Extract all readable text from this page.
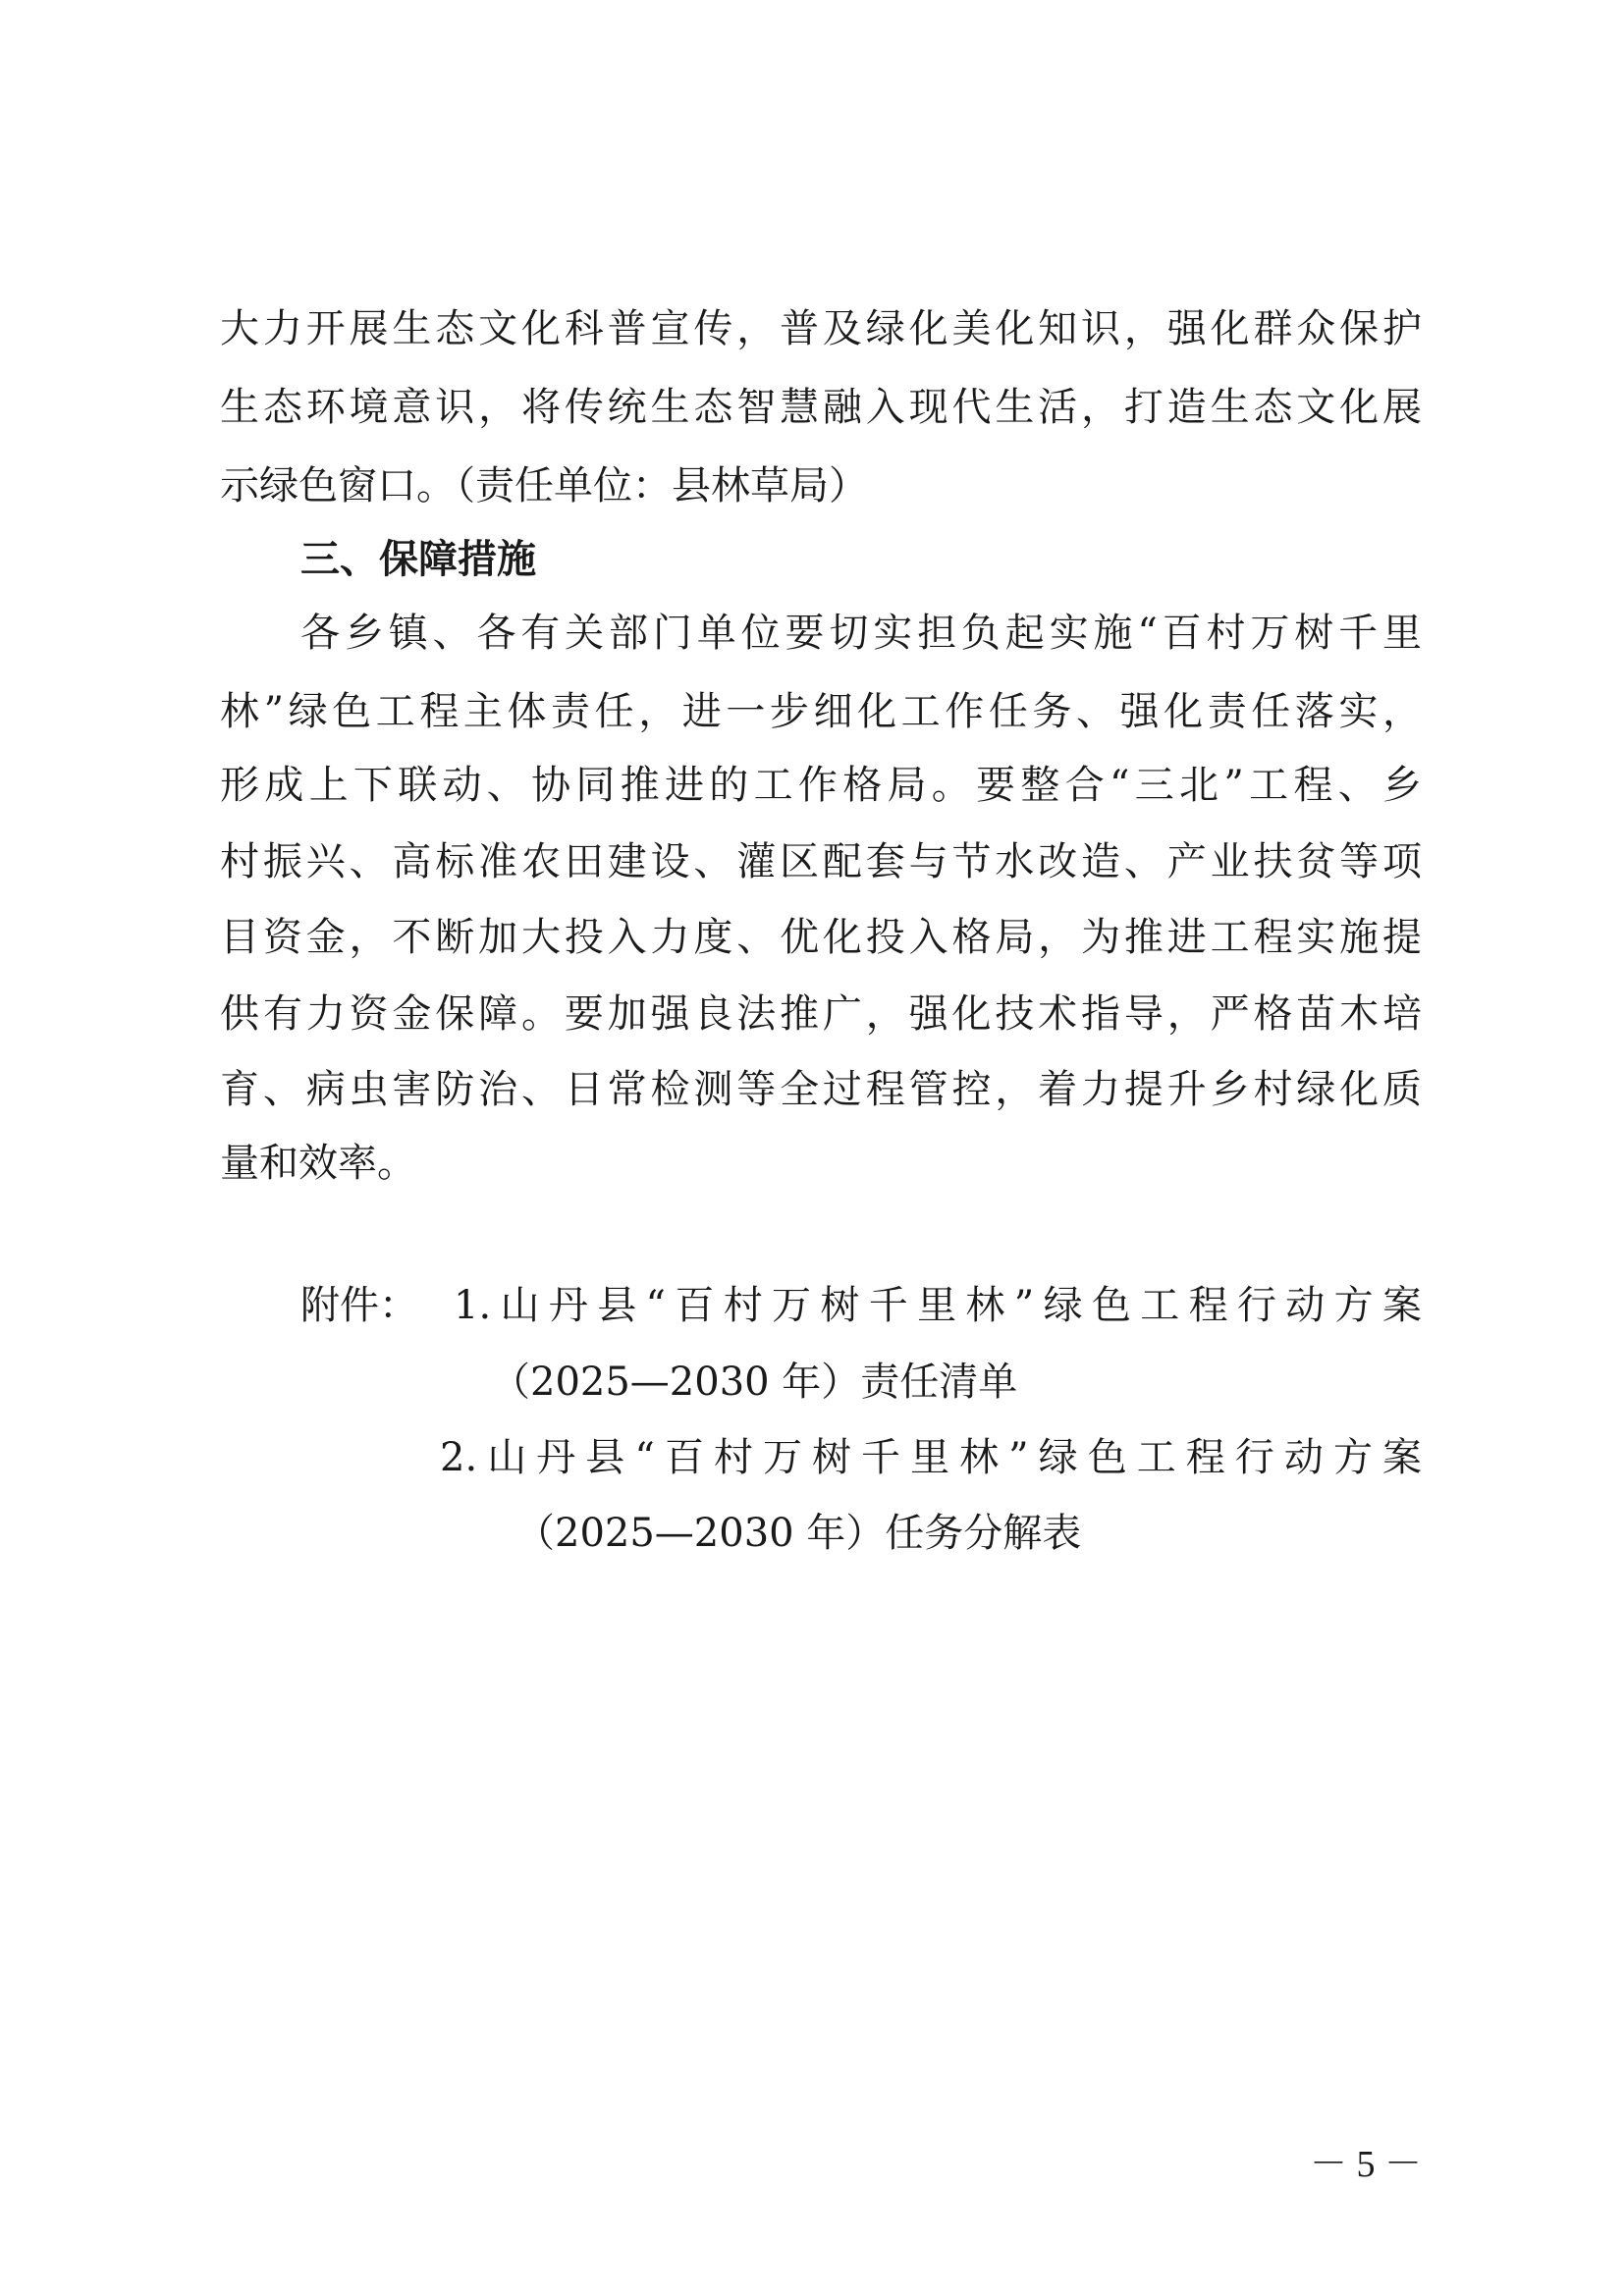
大力开展生态文化科普宣传，普及绿化美化知识，强化群众保护
生态环境意识，将传统生态智慧融入现代生活，打造生态文化展
示绿色窗口。（责任单位：县林草局）
三、保障措施
各乡镇、各有关部门单位要切实担负起实施“百村万树千里
林”绿色工程主体责任，进一步细化工作任务、强化责任落实，
形成上下联动、协同推进的工作格局。要整合“三北”工程、乡
村振兴、高标准农田建设、灌区配套与节水改造、产业扶贫等项
目资金，不断加大投入力度、优化投入格局，为推进工程实施提
供有力资金保障。要加强良法推广，强化技术指导，严格苗木培
育、病虫害防治、日常检测等全过程管控，着力提升乡村绿化质
量和效率。
附件： 1.山丹县“百村万树千里林”绿色工程行动方案
（2025—2030 年）责任清单
2.山丹县“百村万树千里林”绿色工程行动方案
（2025—2030 年）任务分解表
－ 5 －
